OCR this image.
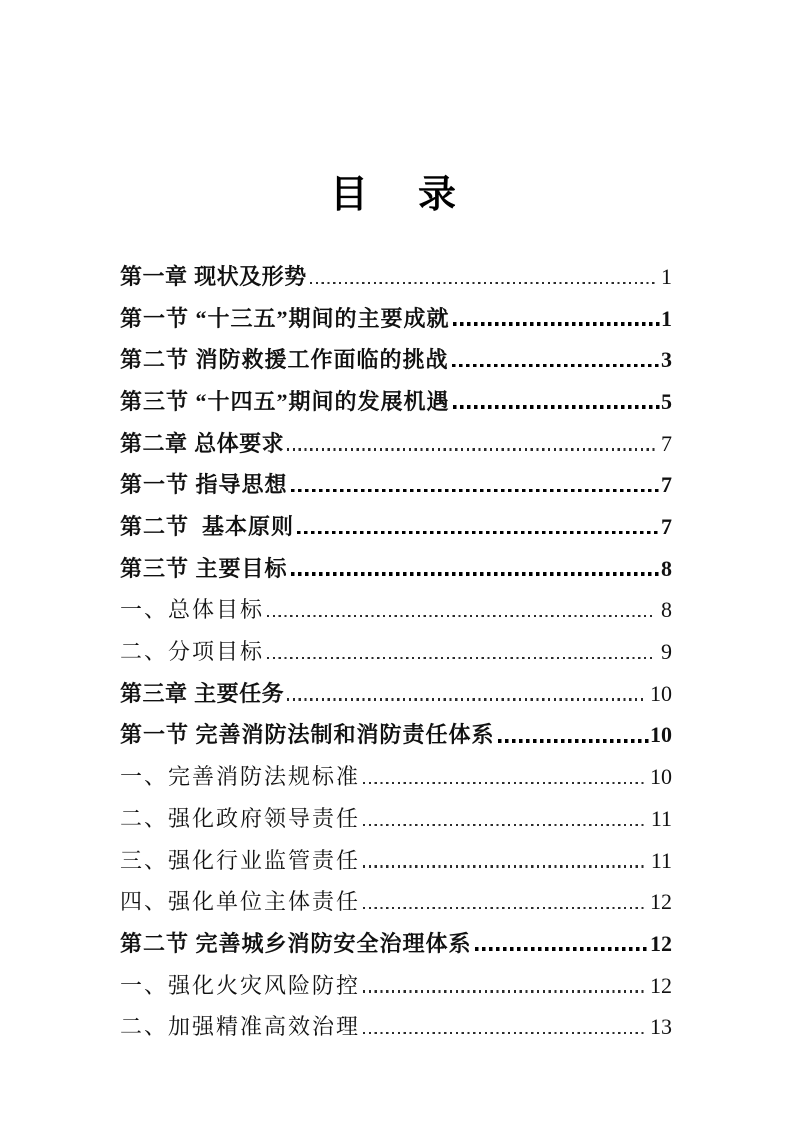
目　录
第一章 现状及形势	1
第一节 “十三五”期间的主要成就	1
第二节 消防救援工作面临的挑战	3
第三节 “十四五”期间的发展机遇	5
第二章 总体要求	7
第一节 指导思想	7
第二节  基本原则	7
第三节 主要目标	8
一、总体目标	8
二、分项目标	9
第三章 主要任务	10
第一节 完善消防法制和消防责任体系	10
一、完善消防法规标准	10
二、强化政府领导责任	11
三、强化行业监管责任	11
四、强化单位主体责任	12
第二节 完善城乡消防安全治理体系	12
一、强化火灾风险防控	12
二、加强精准高效治理	13
